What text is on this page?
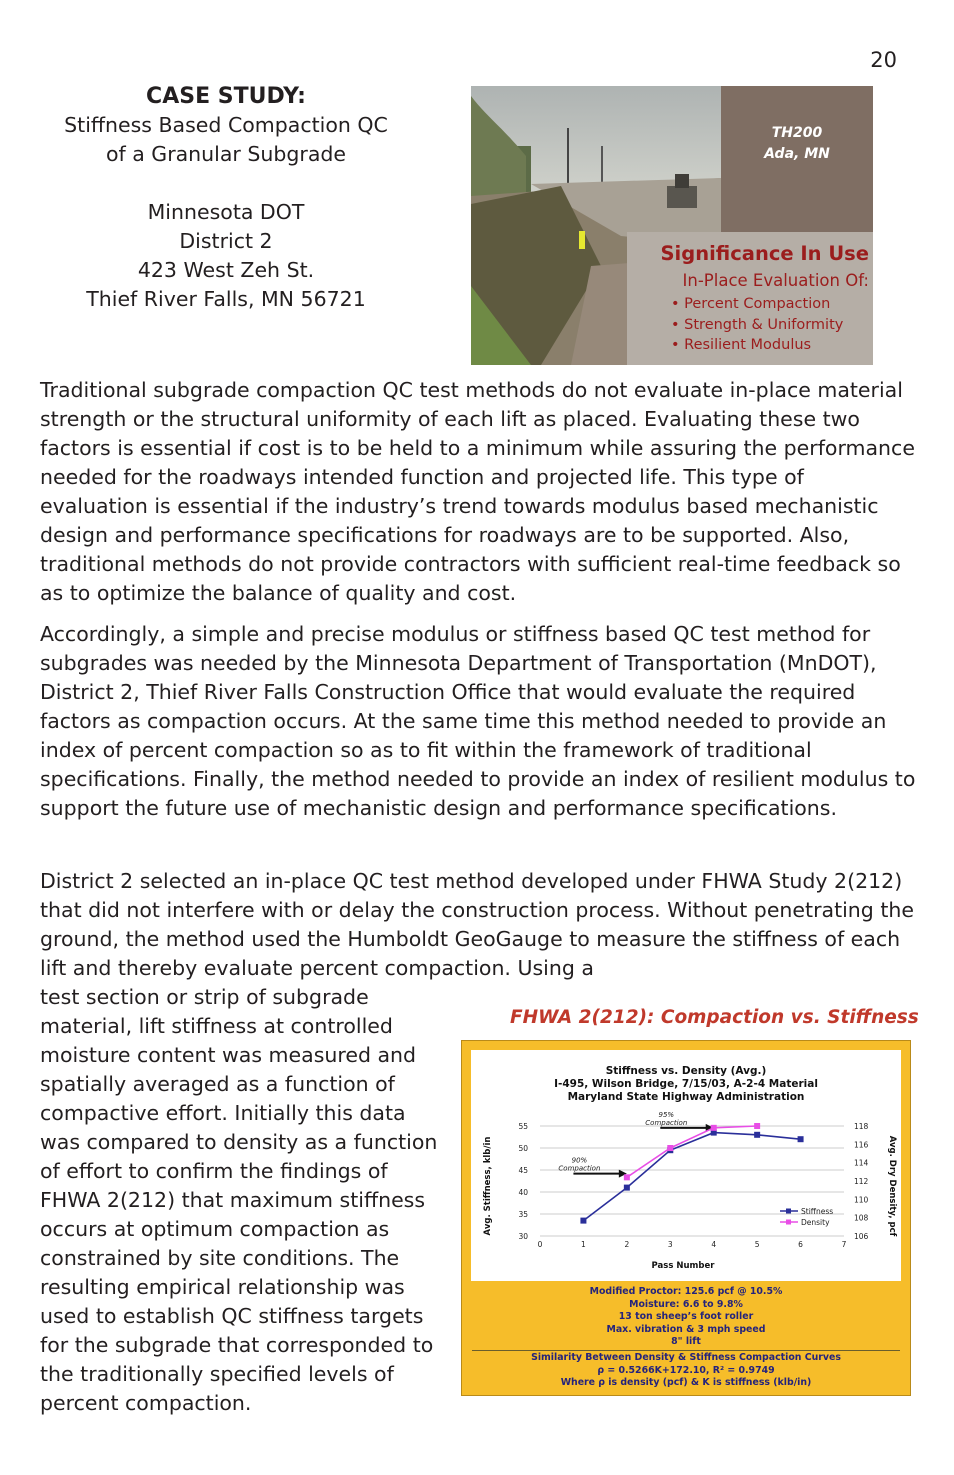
20
CASE STUDY:
Stiffness Based Compaction QC
of a Granular Subgrade
Minnesota DOT
District 2
423 West Zeh St.
Thief River Falls, MN 56721
TH200
Ada, MN
Significance In Use
In-Place Evaluation Of:
• Percent Compaction
• Strength & Uniformity
• Resilient Modulus

Traditional subgrade compaction QC test methods do not evaluate in-place material strength or the structural uniformity of each lift as placed. Evaluating these two factors is essential if cost is to be held to a minimum while assuring the performance needed for the roadways intended function and projected life. This type of evaluation is essential if the industry’s trend towards modulus based mechanistic design and performance specifications for roadways are to be supported. Also, traditional methods do not provide contractors with sufficient real-time feedback so as to optimize the balance of quality and cost.

Accordingly, a simple and precise modulus or stiffness based QC test method for subgrades was needed by the Minnesota Department of Transportation (MnDOT), District 2, Thief River Falls Construction Office that would evaluate the required factors as compaction occurs. At the same time this method needed to provide an index of percent compaction so as to fit within the framework of traditional specifications. Finally, the method needed to provide an index of resilient modulus to support the future use of mechanistic design and performance specifications.

District 2 selected an in-place QC test method developed under FHWA Study 2(212) that did not interfere with or delay the construction process. Without penetrating the ground, the method used the Humboldt GeoGauge to measure the stiffness of each lift and thereby evaluate percent compaction. Using a

test section or strip of subgrade material, lift stiffness at controlled moisture content was measured and spatially averaged as a function of compactive effort. Initially this data was compared to density as a function of effort to confirm the findings of FHWA 2(212) that maximum stiffness occurs at optimum compaction as constrained by site conditions. The resulting empirical relationship was used to establish QC stiffness targets for the subgrade that corresponded to the traditionally specified levels of percent compaction.

FHWA 2(212): Compaction vs. Stiffness
Stiffness vs. Density (Avg.)
I-495, Wilson Bridge, 7/15/03, A-2-4 Material
Maryland State Highway Administration
Avg. Stiffness, klb/in	Avg. Dry Density, pcf
Pass Number
30
35
40
45
50
55
106
108
110
112
114
116
118
0	1	2	3	4	5	6	7
95%
Compaction
90%
Compaction
Stiffness
Density
Modified Proctor: 125.6 pcf @ 10.5%
Moisture: 6.6 to 9.8%
13 ton sheep’s foot roller
Max. vibration & 3 mph speed
8" lift
Similarity Between Density & Stiffness Compaction Curves
ρ = 0.5266K+172.10, R² = 0.9749
Where ρ is density (pcf) & K is stiffness (klb/in)
